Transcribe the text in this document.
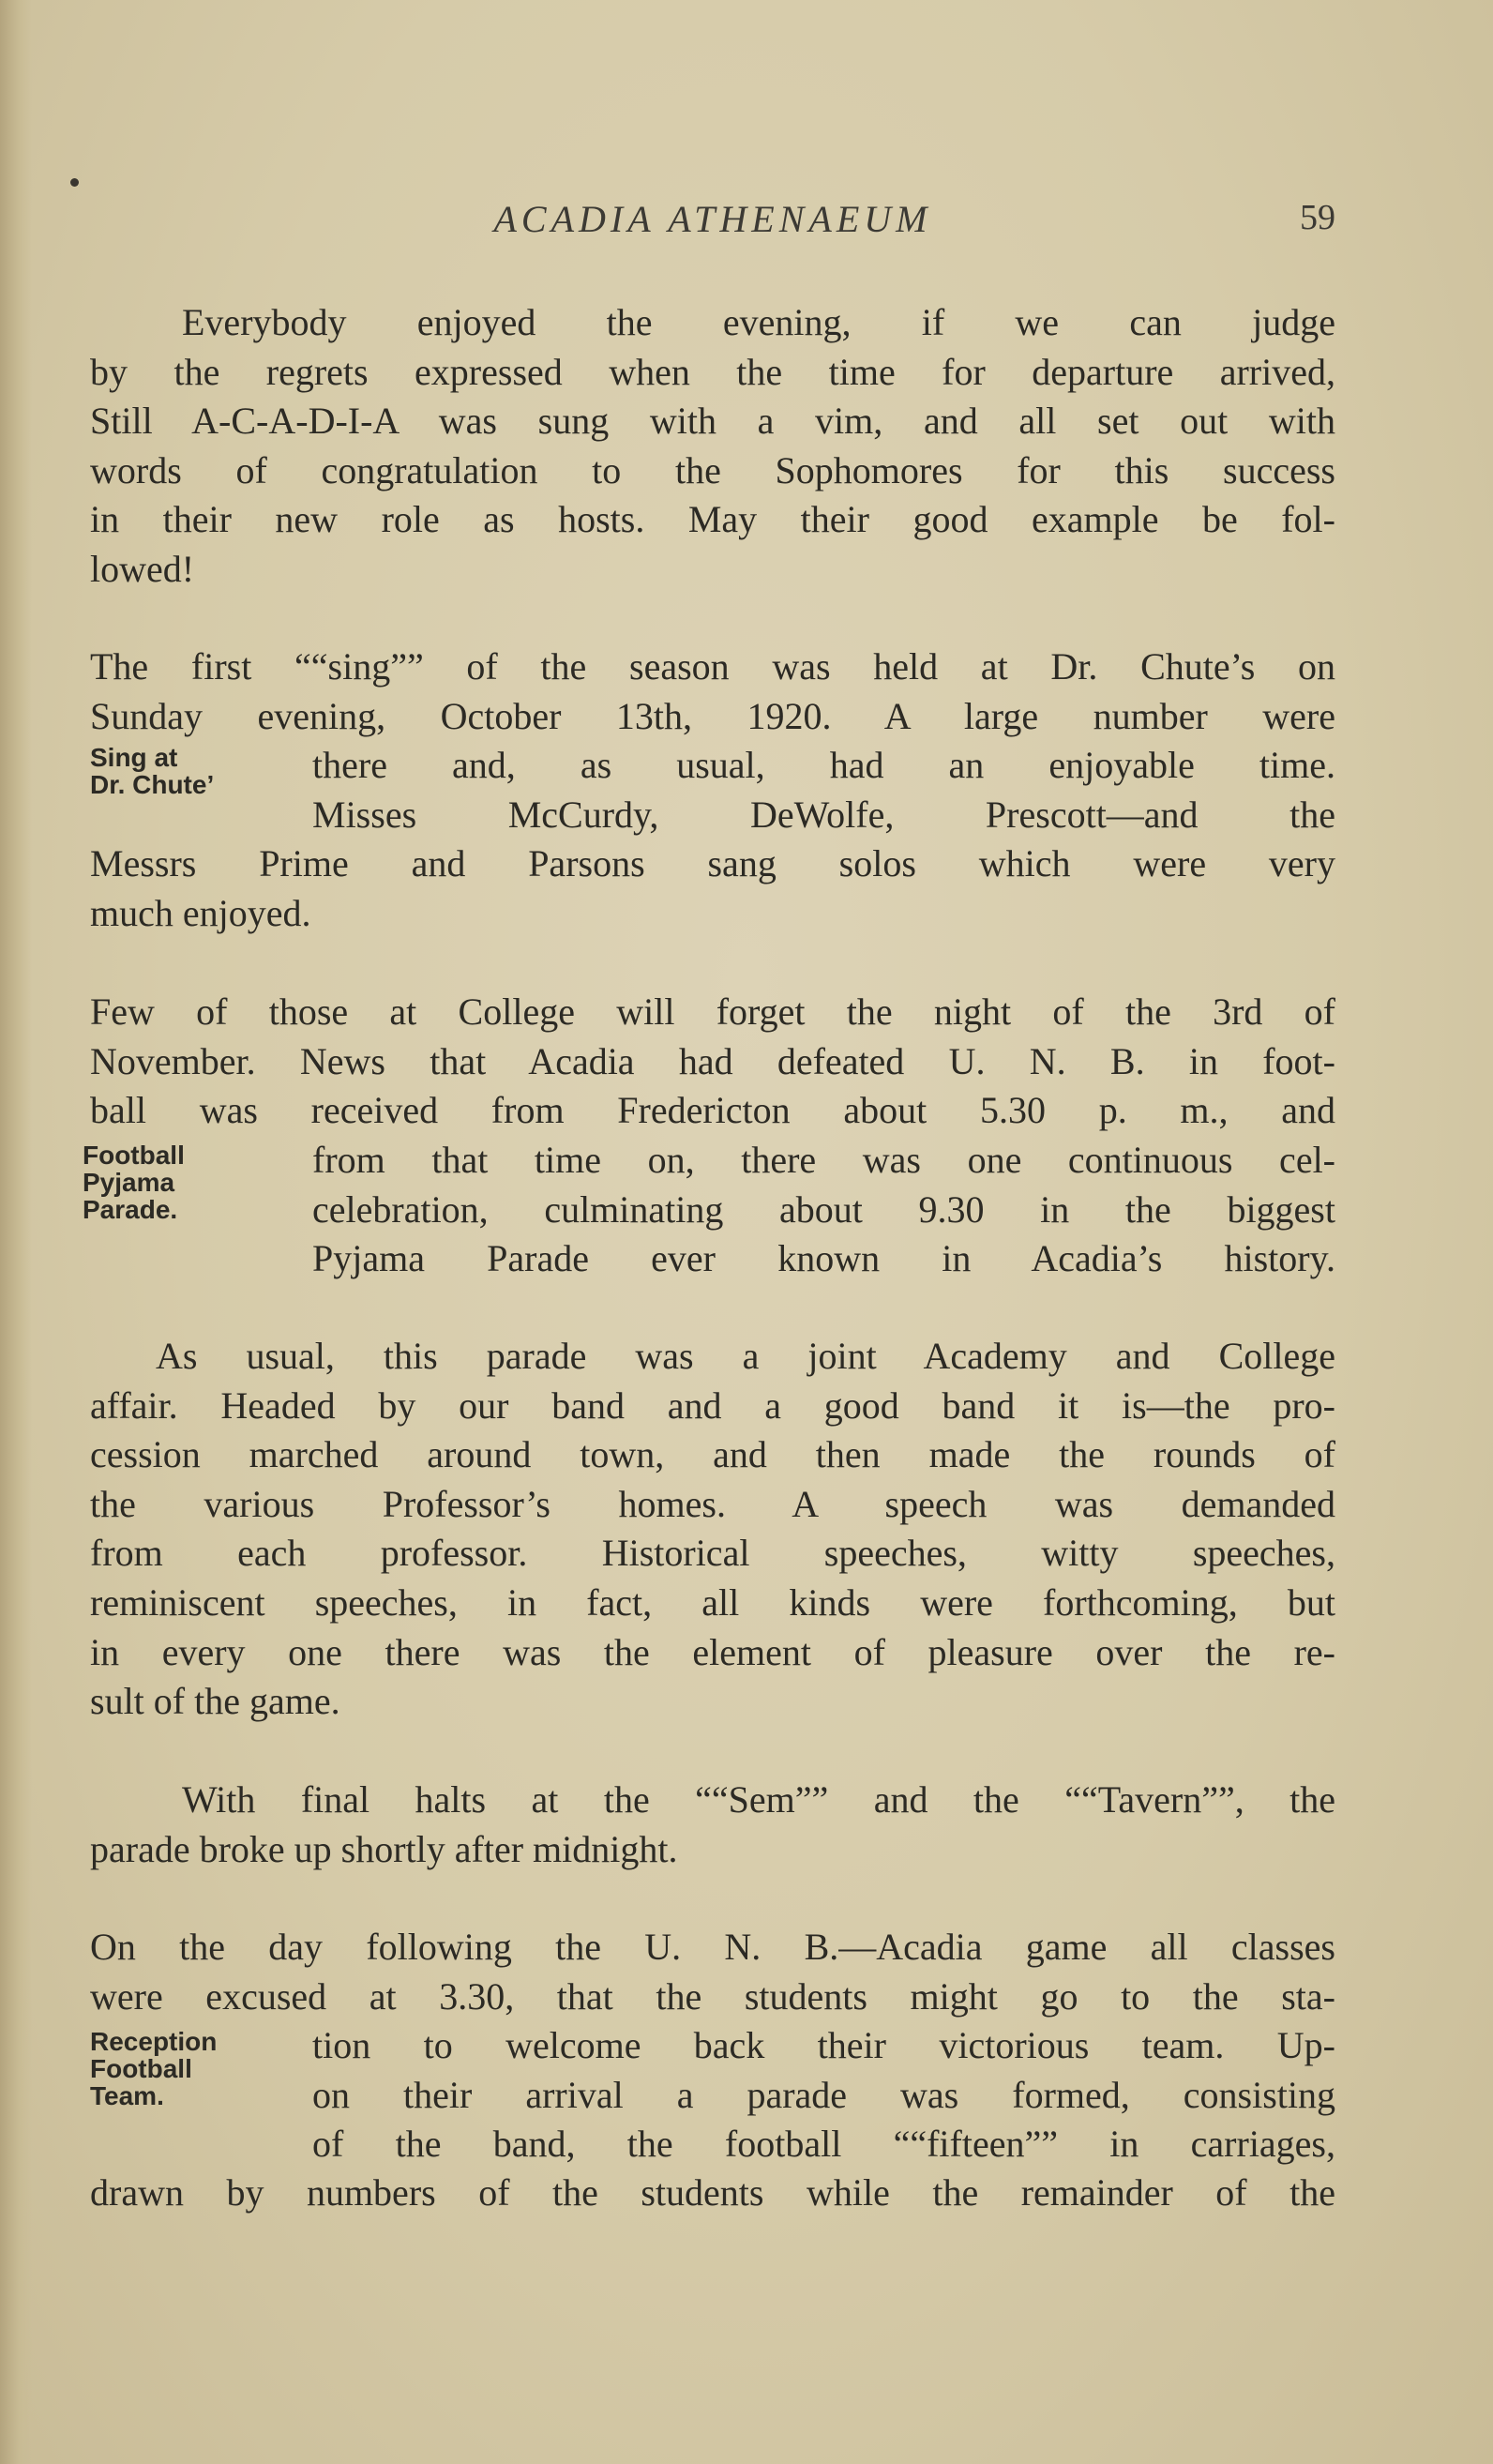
ACADIA ATHENAEUM	59
Everybody enjoyed the evening, if we can judge
by the regrets expressed when the time for departure arrived,
Still A-C-A-D-I-A was sung with a vim, and all set out with
words of congratulation to the Sophomores for this success
in their new role as hosts. May their good example be fol-
lowed!
The first ““sing”” of the season was held at Dr. Chute’s on
Sunday evening, October 13th, 1920. A large number were
Sing at
Dr. Chute’	there and, as usual, had an enjoyable time.
Misses McCurdy, DeWolfe, Prescott—and the
Messrs Prime and Parsons sang solos which were very
much enjoyed.
Few of those at College will forget the night of the 3rd of
November. News that Acadia had defeated U. N. B. in foot-
ball was received from Fredericton about 5.30 p. m., and
Football
Pyjama
Parade.
from that time on, there was one continuous cel-
celebration, culminating about 9.30 in the biggest
Pyjama Parade ever known in Acadia’s history.
As usual, this parade was a joint Academy and College
affair. Headed by our band and a good band it is—the pro-
cession marched around town, and then made the rounds of
the various Professor’s homes. A speech was demanded
from each professor. Historical speeches, witty speeches,
reminiscent speeches, in fact, all kinds were forthcoming, but
in every one there was the element of pleasure over the re-
sult of the game.
With final halts at the ““Sem”” and the ““Tavern””, the
parade broke up shortly after midnight.
On the day following the U. N. B.—Acadia game all classes
were excused at 3.30, that the students might go to the sta-
Reception
Football
Team.
tion to welcome back their victorious team. Up-
on their arrival a parade was formed, consisting
of the band, the football ““fifteen”” in carriages,
drawn by numbers of the students while the remainder of the
